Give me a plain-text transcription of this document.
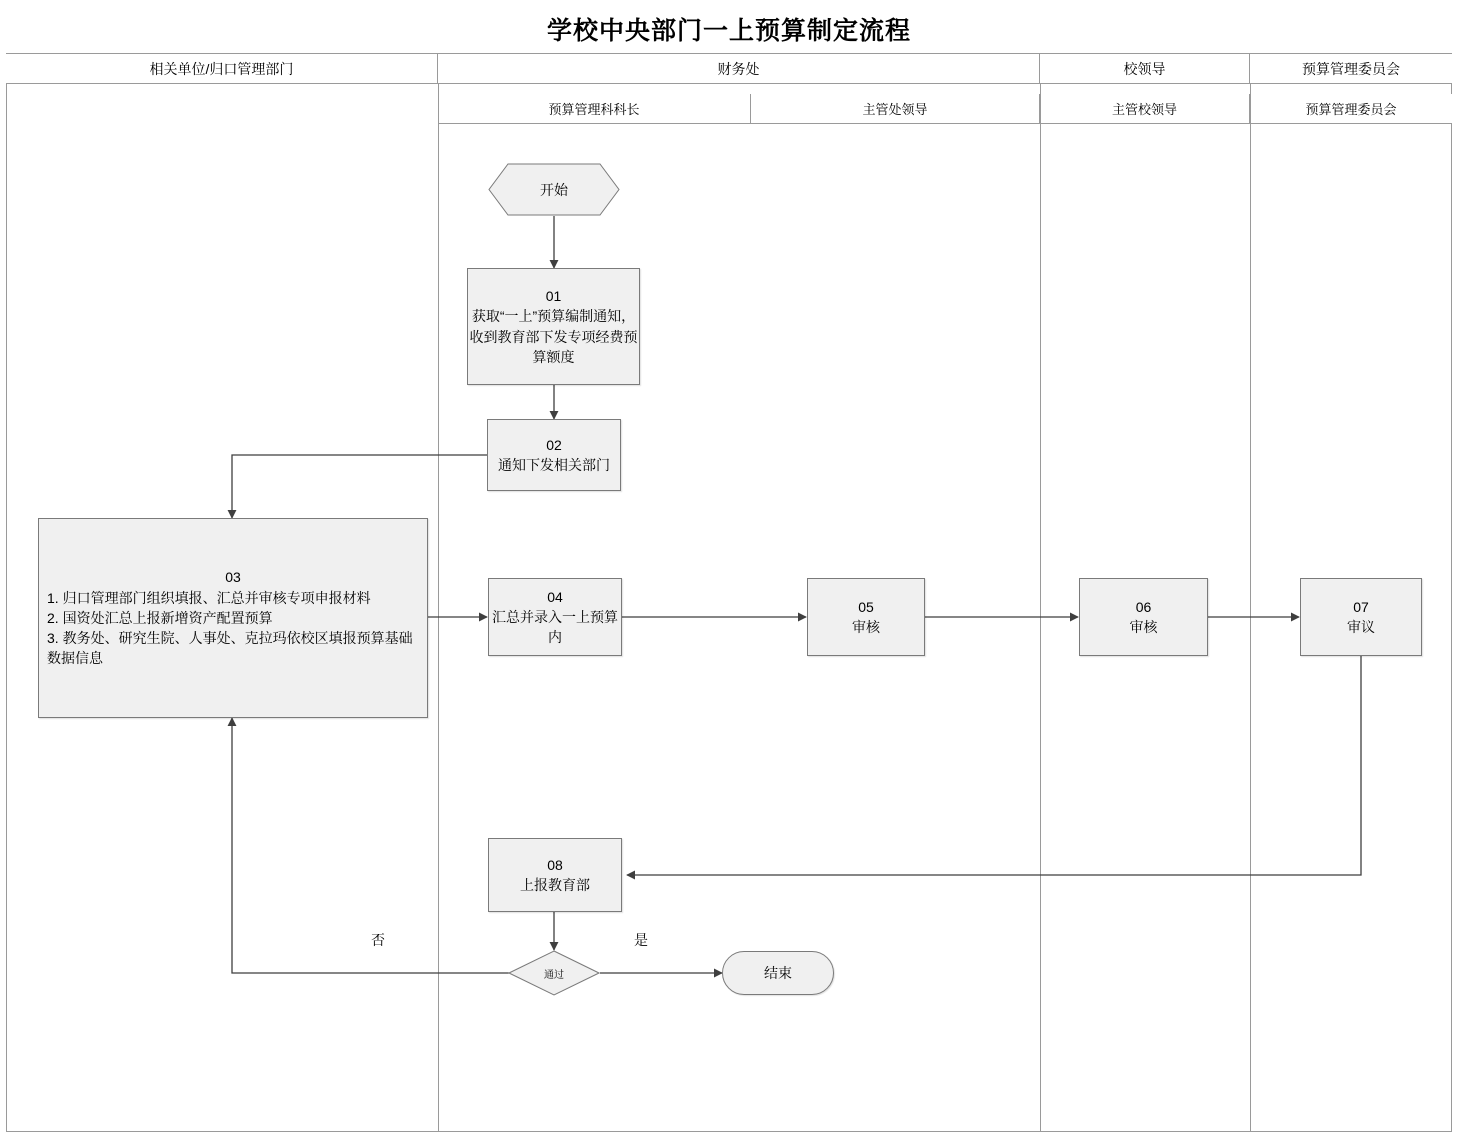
学校中央部门一上预算制定流程
相关单位/归口管理部门	财务处	校领导	预算管理委员会
预算管理科科长	主管处领导	主管校领导	预算管理委员会
开始
01
获取“一上”预算编制通知，收到教育部下发专项经费预算额度
02
通知下发相关部门
03
1. 归口管理部门组织填报、汇总并审核专项申报材料
2. 国资处汇总上报新增资产配置预算
3. 教务处、研究生院、人事处、克拉玛依校区填报预算基础数据信息
04
汇总并录入一上预算内
05
审核
06
审核
07
审议
08
上报教育部
通过	结束
否	是
